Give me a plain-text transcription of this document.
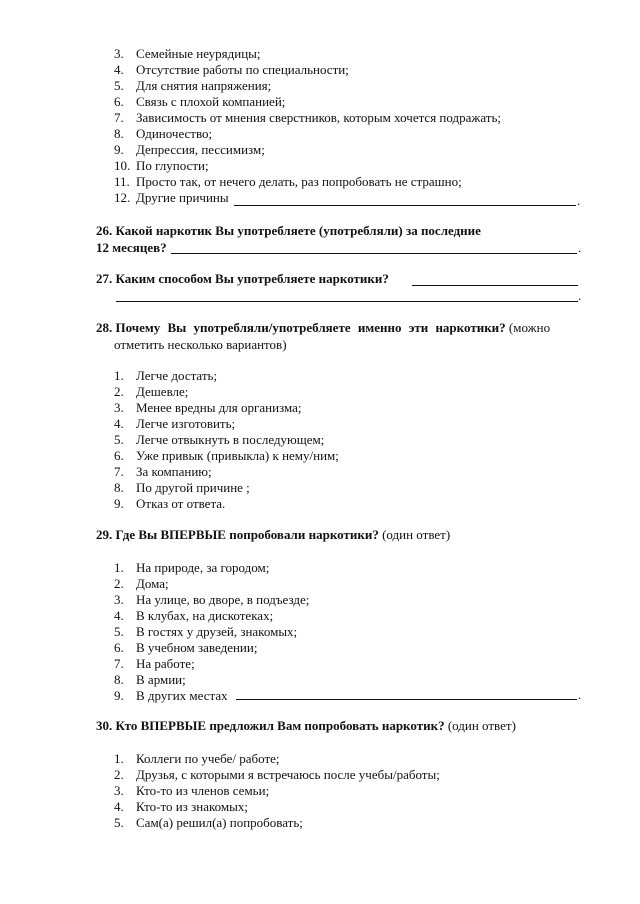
3. Семейные неурядицы;
4. Отсутствие работы по специальности;
5. Для снятия напряжения;
6. Связь с плохой компанией;
7. Зависимость от мнения сверстников, которым хочется подражать;
8. Одиночество;
9. Депрессия, пессимизм;
10. По глупости;
11. Просто так, от нечего делать, раз попробовать не страшно;
12. Другие причины	.
26. Какой наркотик Вы употребляете (употребляли) за последние
12 месяцев?	.
27. Каким способом Вы употребляете наркотики?
.
28. Почему Вы употребляли/употребляете именно эти наркотики? (можно
отметить несколько вариантов)
1. Легче достать;
2. Дешевле;
3. Менее вредны для организма;
4. Легче изготовить;
5. Легче отвыкнуть в последующем;
6. Уже привык (привыкла) к нему/ним;
7. За компанию;
8. По другой причине ;
9. Отказ от ответа.
29. Где Вы ВПЕРВЫЕ попробовали наркотики? (один ответ)
1. На природе, за городом;
2. Дома;
3. На улице, во дворе, в подъезде;
4. В клубах, на дискотеках;
5. В гостях у друзей, знакомых;
6. В учебном заведении;
7. На работе;
8. В армии;
9. В других местах	.
30. Кто ВПЕРВЫЕ предложил Вам попробовать наркотик? (один ответ)
1. Коллеги по учебе/ работе;
2. Друзья, с которыми я встречаюсь после учебы/работы;
3. Кто-то из членов семьи;
4. Кто-то из знакомых;
5. Сам(а) решил(а) попробовать;
